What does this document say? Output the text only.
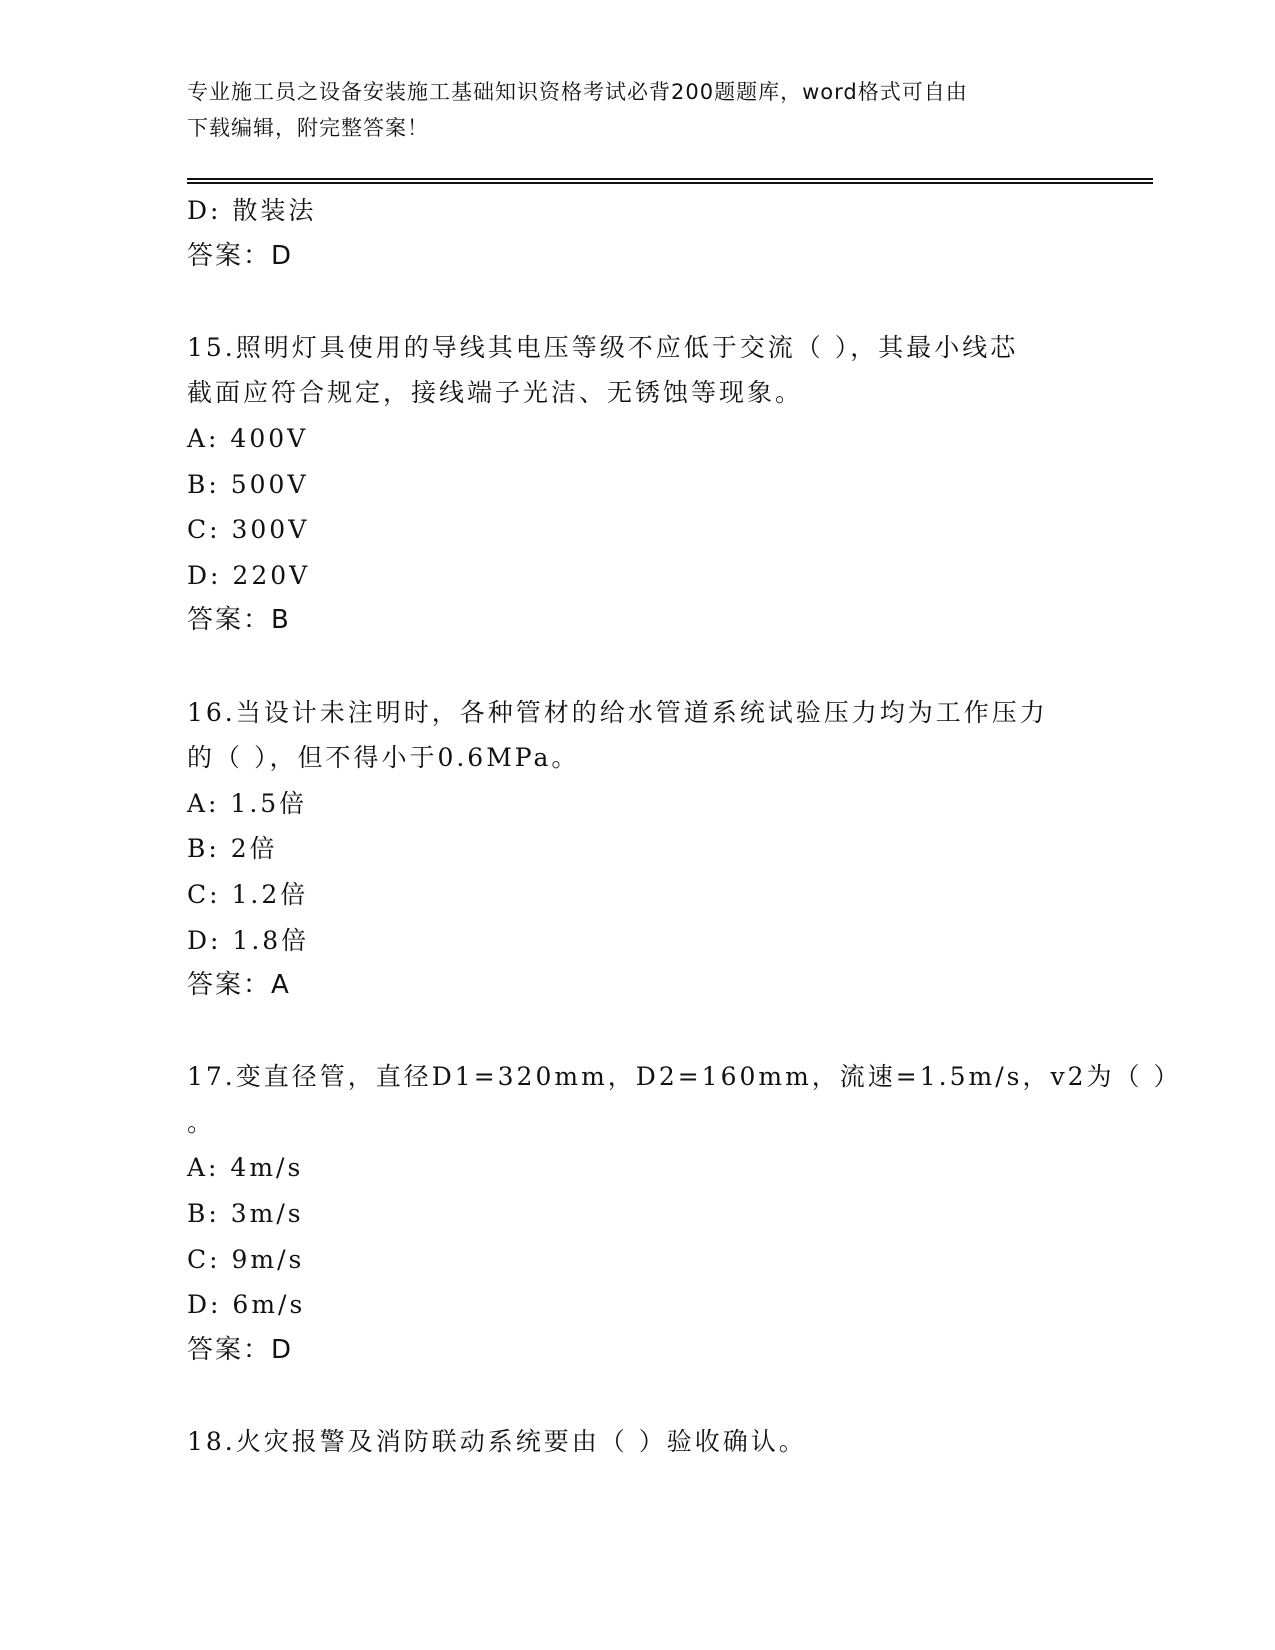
专业施工员之设备安装施工基础知识资格考试必背200题题库，word格式可自由
下载编辑，附完整答案！
D: 散装法
答案：D
15.照明灯具使用的导线其电压等级不应低于交流（ ），其最小线芯
截面应符合规定，接线端子光洁、无锈蚀等现象。
A: 400V
B: 500V
C: 300V
D: 220V
答案：B
16.当设计未注明时，各种管材的给水管道系统试验压力均为工作压力
的（ ），但不得小于0.6MPa。
A: 1.5倍
B: 2倍
C: 1.2倍
D: 1.8倍
答案：A
17.变直径管，直径D1=320mm，D2=160mm，流速=1.5m/s，v2为（ ）
。
A: 4m/s
B: 3m/s
C: 9m/s
D: 6m/s
答案：D
18.火灾报警及消防联动系统要由（ ）验收确认。
